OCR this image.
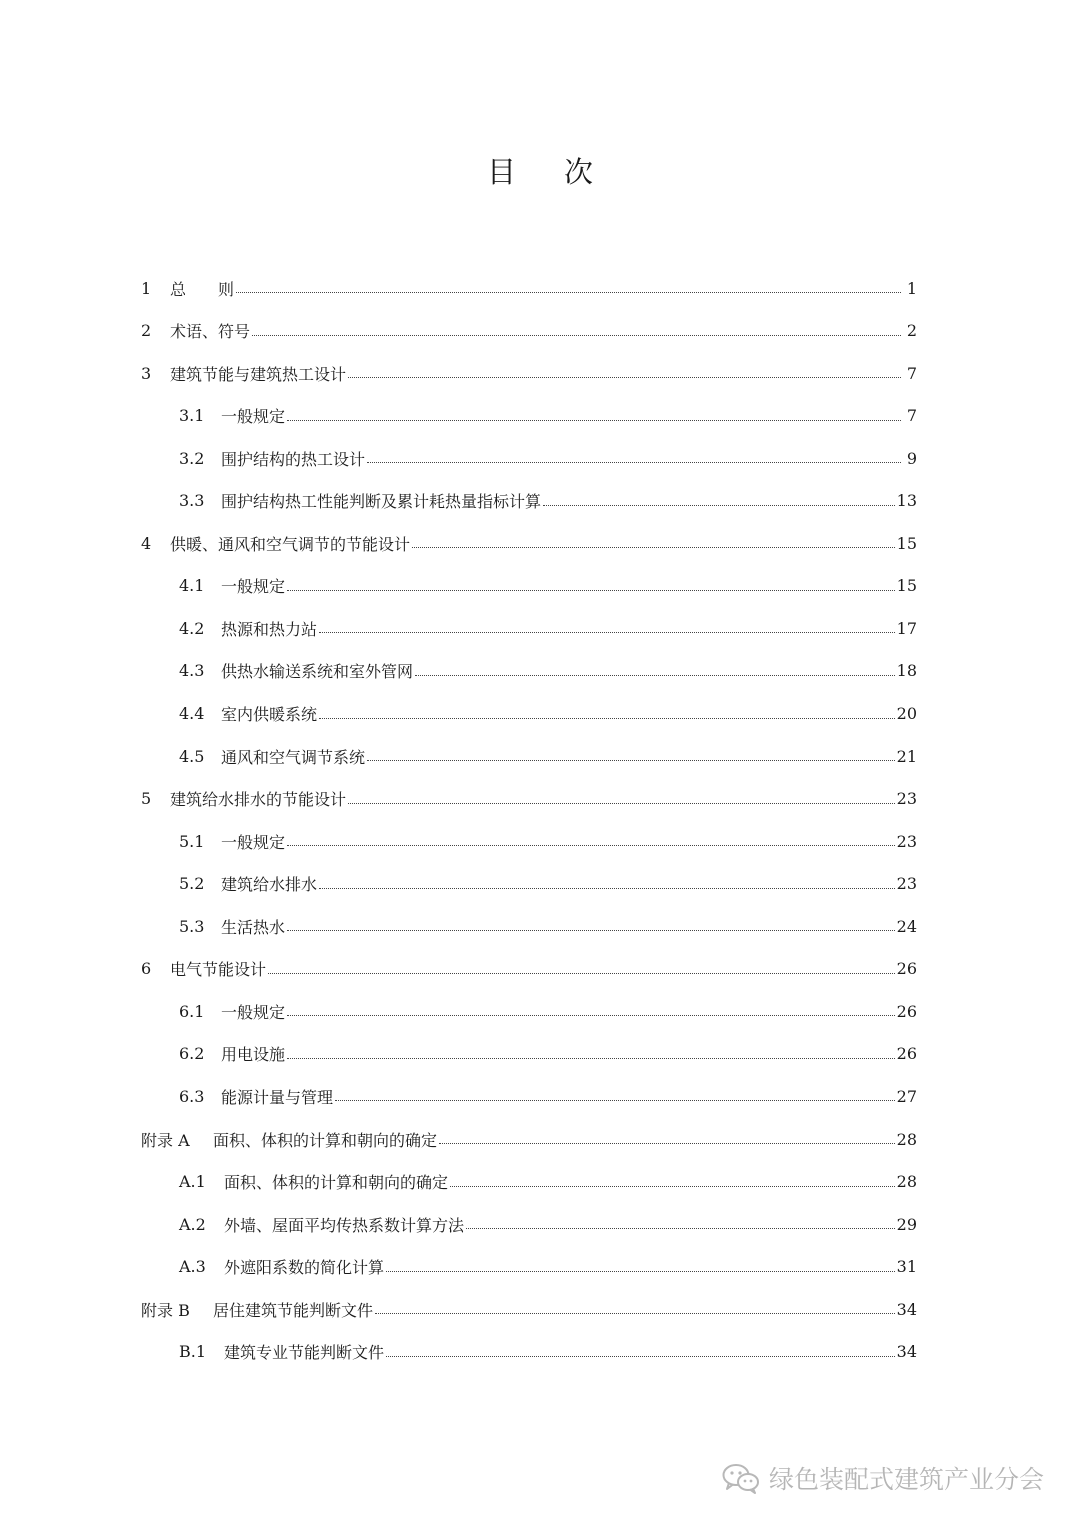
目 次
1	总　　则	1
2	术语、符号	2
3	建筑节能与建筑热工设计	7
3.1	一般规定	7
3.2	围护结构的热工设计	9
3.3	围护结构热工性能判断及累计耗热量指标计算	13
4	供暖、通风和空气调节的节能设计	15
4.1	一般规定	15
4.2	热源和热力站	17
4.3	供热水输送系统和室外管网	18
4.4	室内供暖系统	20
4.5	通风和空气调节系统	21
5	建筑给水排水的节能设计	23
5.1	一般规定	23
5.2	建筑给水排水	23
5.3	生活热水	24
6	电气节能设计	26
6.1	一般规定	26
6.2	用电设施	26
6.3	能源计量与管理	27
附录 A	面积、体积的计算和朝向的确定	28
A.1	面积、体积的计算和朝向的确定	28
A.2	外墙、屋面平均传热系数计算方法	29
A.3	外遮阳系数的简化计算	31
附录 B	居住建筑节能判断文件	34
B.1	建筑专业节能判断文件	34
绿色装配式建筑产业分会
